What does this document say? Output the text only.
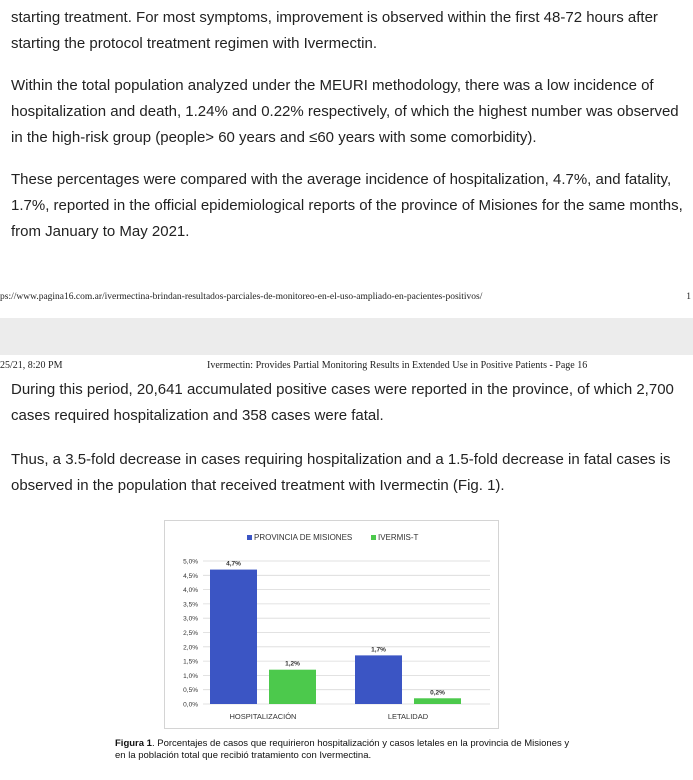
starting treatment. For most symptoms, improvement is observed within the first 48-72 hours after starting the protocol treatment regimen with Ivermectin.

Within the total population analyzed under the MEURI methodology, there was a low incidence of hospitalization and death, 1.24% and 0.22% respectively, of which the highest number was observed in the high-risk group (people> 60 years and ≤60 years with some comorbidity).

These percentages were compared with the average incidence of hospitalization, 4.7%, and fatality, 1.7%, reported in the official epidemiological reports of the province of Misiones for the same months, from January to May 2021.

ps://www.pagina16.com.ar/ivermectina-brindan-resultados-parciales-de-monitoreo-en-el-uso-ampliado-en-pacientes-positivos/	1
25/21, 8:20 PM	Ivermectin: Provides Partial Monitoring Results in Extended Use in Positive Patients - Page 16

During this period, 20,641 accumulated positive cases were reported in the province, of which 2,700 cases required hospitalization and 358 cases were fatal.

Thus, a 3.5-fold decrease in cases requiring hospitalization and a 1.5-fold decrease in fatal cases is observed in the population that received treatment with Ivermectin (Fig. 1).

0,0%
0,5%
1,0%
1,5%
2,0%
2,5%
3,0%
3,5%
4,0%
4,5%
5,0%
PROVINCIA DE MISIONES	IVERMIS-T
4,7%
1,2%
HOSPITALIZACIÓN
1,7%
0,2%
LETALIDAD
Figura 1. Porcentajes de casos que requirieron hospitalización y casos letales en la provincia de Misiones y en la población total que recibió tratamiento con Ivermectina.
